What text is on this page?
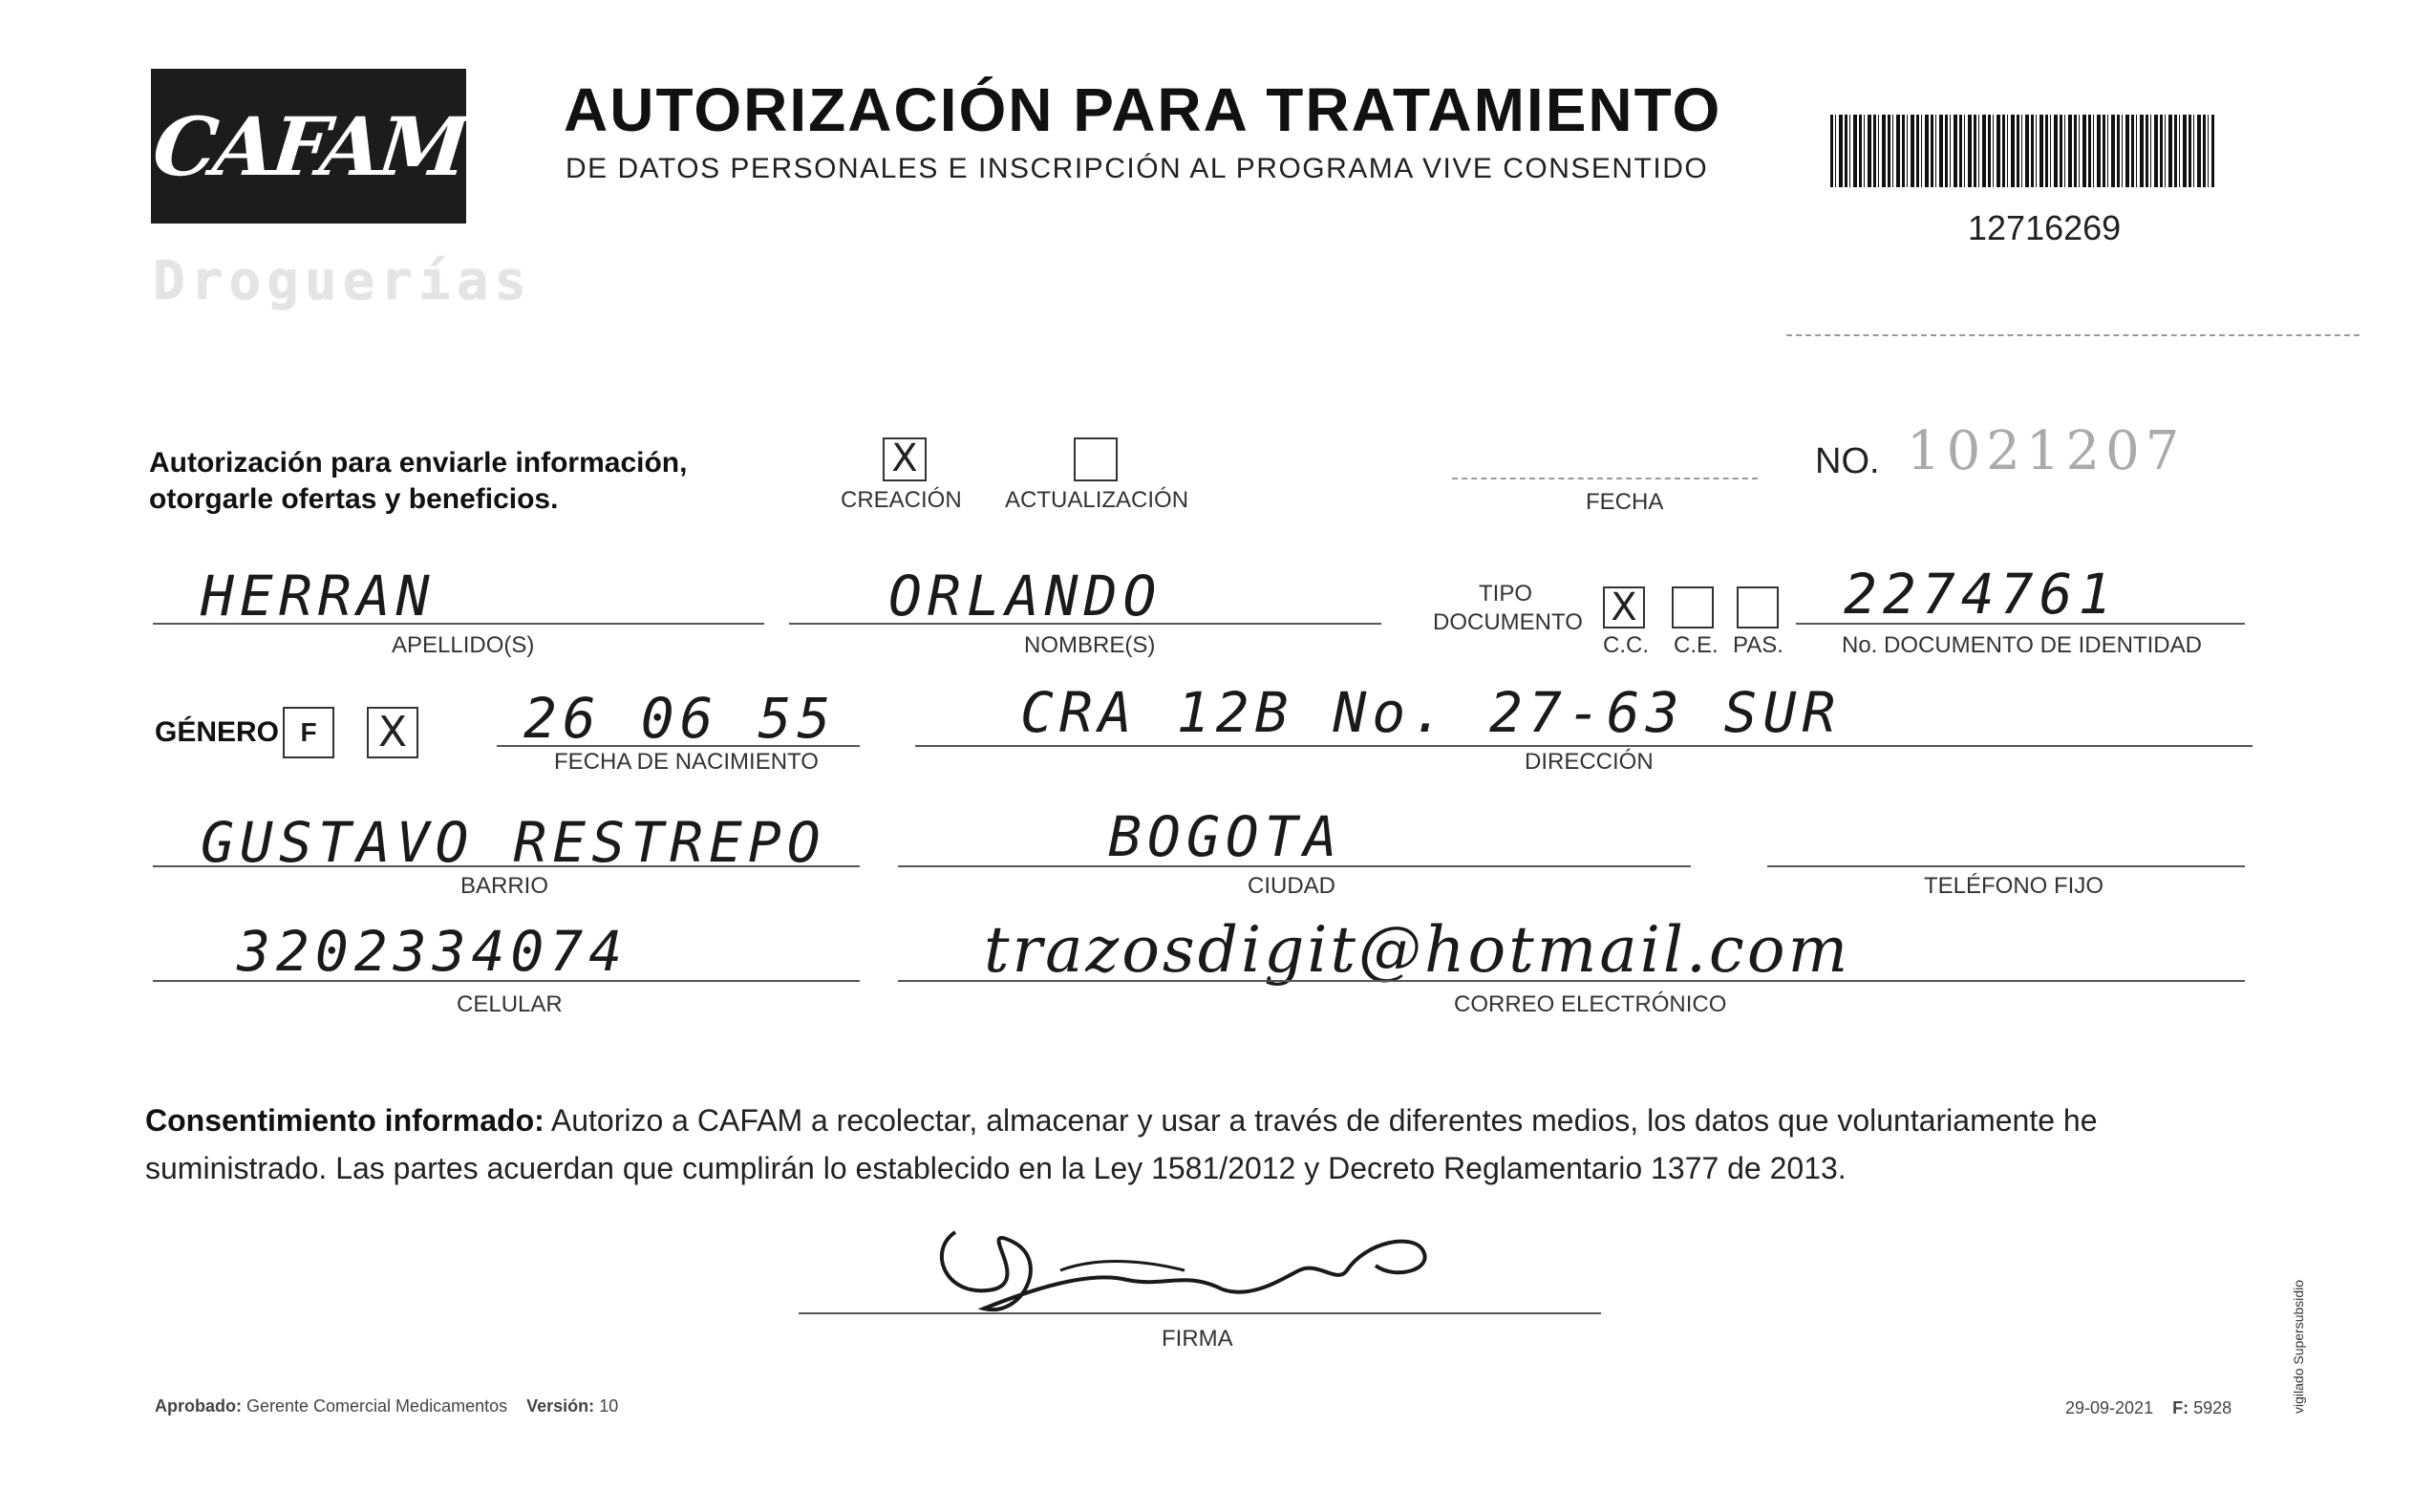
CAFAM
Droguerías
AUTORIZACIÓN PARA TRATAMIENTO
DE DATOS PERSONALES E INSCRIPCIÓN AL PROGRAMA VIVE CONSENTIDO
12716269
Autorización para enviarle información,
otorgarle ofertas y beneficios.
X
CREACIÓN ACTUALIZACIÓN	FECHA
NO. 1021207
HERRAN
APELLIDO(S)
ORLANDO
NOMBRE(S)
TIPO
DOCUMENTO X
C.C. C.E. PAS.
2274761
No. DOCUMENTO DE IDENTIDAD
GÉNERO F	X 26 06 55
FECHA DE NACIMIENTO
CRA 12B No. 27-63 SUR
DIRECCIÓN
GUSTAVO RESTREPO
BARRIO
BOGOTA
CIUDAD	TELÉFONO FIJO
3202334074
CELULAR
trazosdigit@hotmail.com
CORREO ELECTRÓNICO
Consentimiento informado: Autorizo a CAFAM a recolectar, almacenar y usar a través de diferentes medios, los datos que voluntariamente he suministrado. Las partes acuerdan que cumplirán lo establecido en la Ley 1581/2012 y Decreto Reglamentario 1377 de 2013.
FIRMA
Aprobado: Gerente Comercial Medicamentos Versión: 10	29-09-2021 F: 5928	vigilado Supersubsidio
